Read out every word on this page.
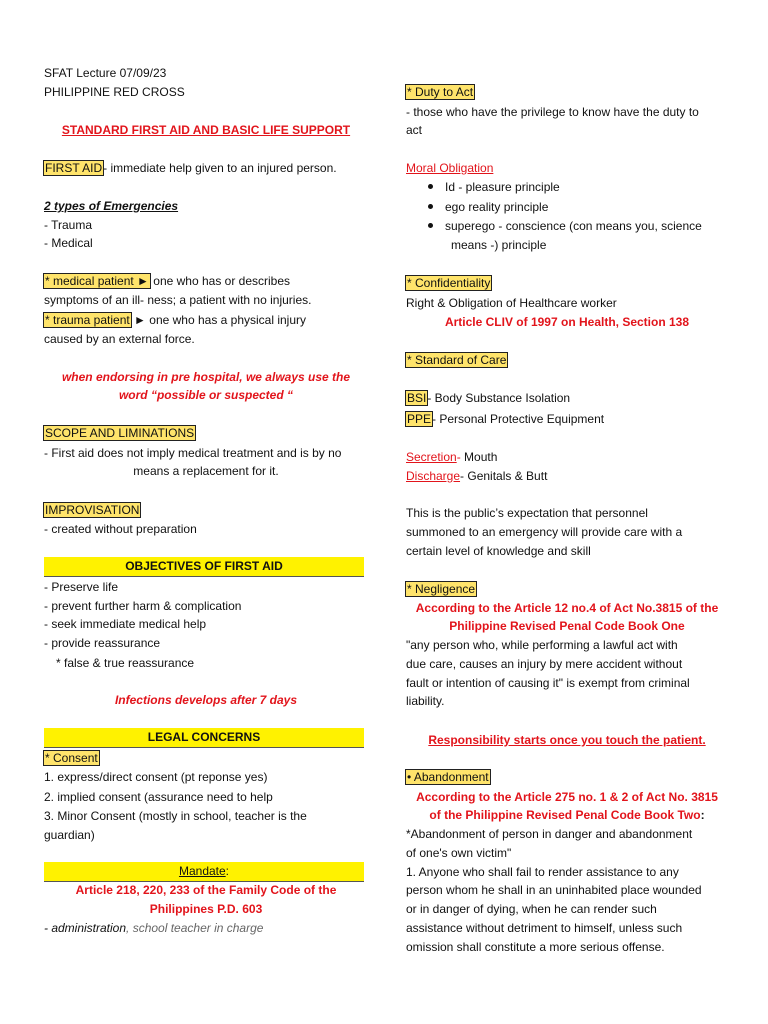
SFAT Lecture 07/09/23
PHILIPPINE RED CROSS
STANDARD FIRST AID AND BASIC LIFE SUPPORT
FIRST AID- immediate help given to an injured person.
2 types of Emergencies
- Trauma
- Medical
* medical patient ► one who has or describes
symptoms of an ill- ness; a patient with no injuries.
* trauma patient ► one who has a physical injury
caused by an external force.
when endorsing in pre hospital, we always use the
word “possible or suspected “
SCOPE AND LIMINATIONS
- First aid does not imply medical treatment and is by no
means a replacement for it.
IMPROVISATION
- created without preparation
OBJECTIVES OF FIRST AID
- Preserve life
- prevent further harm & complication
- seek immediate medical help
- provide reassurance
* false & true reassurance
Infections develops after 7 days
LEGAL CONCERNS
* Consent
1. express/direct consent (pt reponse yes)
2. implied consent (assurance need to help
3. Minor Consent (mostly in school, teacher is the
guardian)
Mandate:
Article 218, 220, 233 of the Family Code of the
Philippines P.D. 603
- administration, school teacher in charge
* Duty to Act
- those who have the privilege to know have the duty to
act
Moral Obligation
Id - pleasure principle
ego reality principle
superego - conscience (con means you, science
means -) principle
* Confidentiality
Right & Obligation of Healthcare worker
Article CLIV of 1997 on Health, Section 138
* Standard of Care
BSI- Body Substance Isolation
PPE- Personal Protective Equipment
Secretion- Mouth
Discharge- Genitals & Butt
This is the public’s expectation that personnel
summoned to an emergency will provide care with a
certain level of knowledge and skill
* Negligence
According to the Article 12 no.4 of Act No.3815 of the
Philippine Revised Penal Code Book One
"any person who, while performing a lawful act with
due care, causes an injury by mere accident without
fault or intention of causing it" is exempt from criminal
liability.
Responsibility starts once you touch the patient.
• Abandonment
According to the Article 275 no. 1 & 2 of Act No. 3815
of the Philippine Revised Penal Code Book Two:
*Abandonment of person in danger and abandonment
of one's own victim"
1. Anyone who shall fail to render assistance to any
person whom he shall in an uninhabited place wounded
or in danger of dying, when he can render such
assistance without detriment to himself, unless such
omission shall constitute a more serious offense.
